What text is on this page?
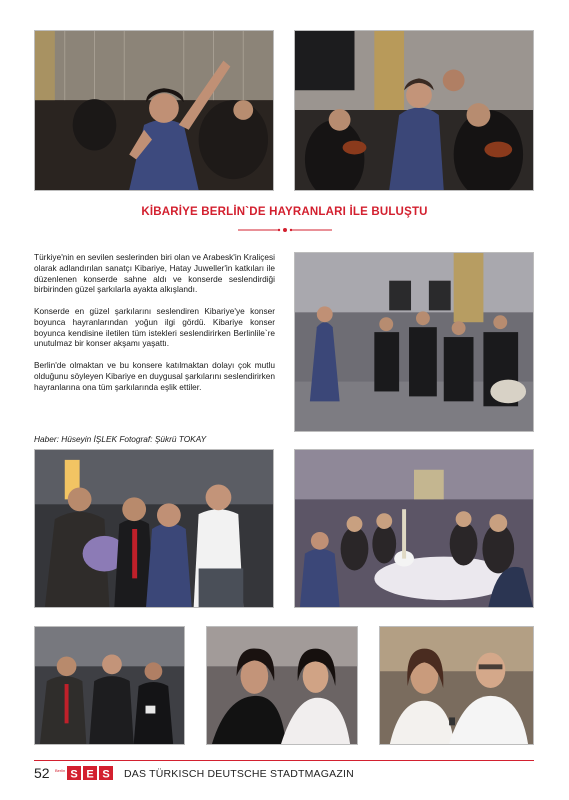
KİBARİYE BERLİN`DE HAYRANLARI İLE BULUŞTU

Türkiye'nin en sevilen seslerinden biri olan ve Arabesk'in Kraliçesi olarak adlandırılan sanatçı Kibariye, Hatay Juweller'in katkıları ile düzenlenen konserde sahne aldı ve konserde seslendirdiği birbirinden güzel şarkılarla ayakta alkışlandı.

Konserde en güzel şarkılarını seslendiren Kibariye'ye konser boyunca hayranlarından yoğun ilgi gördü. Kibariye konser boyunca kendisine iletilen tüm istekleri seslendirirken Berlinlile`re unutulmaz bir konser akşamı yaşattı.

Berlin'de olmaktan ve bu konsere katılmaktan dolayı çok mutlu olduğunu söyleyen Kibariye en duygusal şarkılarını seslendirirken hayranlarına ona tüm şarkılarında eşlik ettiler.

Haber: Hüseyin İŞLEK Fotograf: Şükrü TOKAY
52 Berlin S E S DAS TÜRKISCH DEUTSCHE STADTMAGAZIN
